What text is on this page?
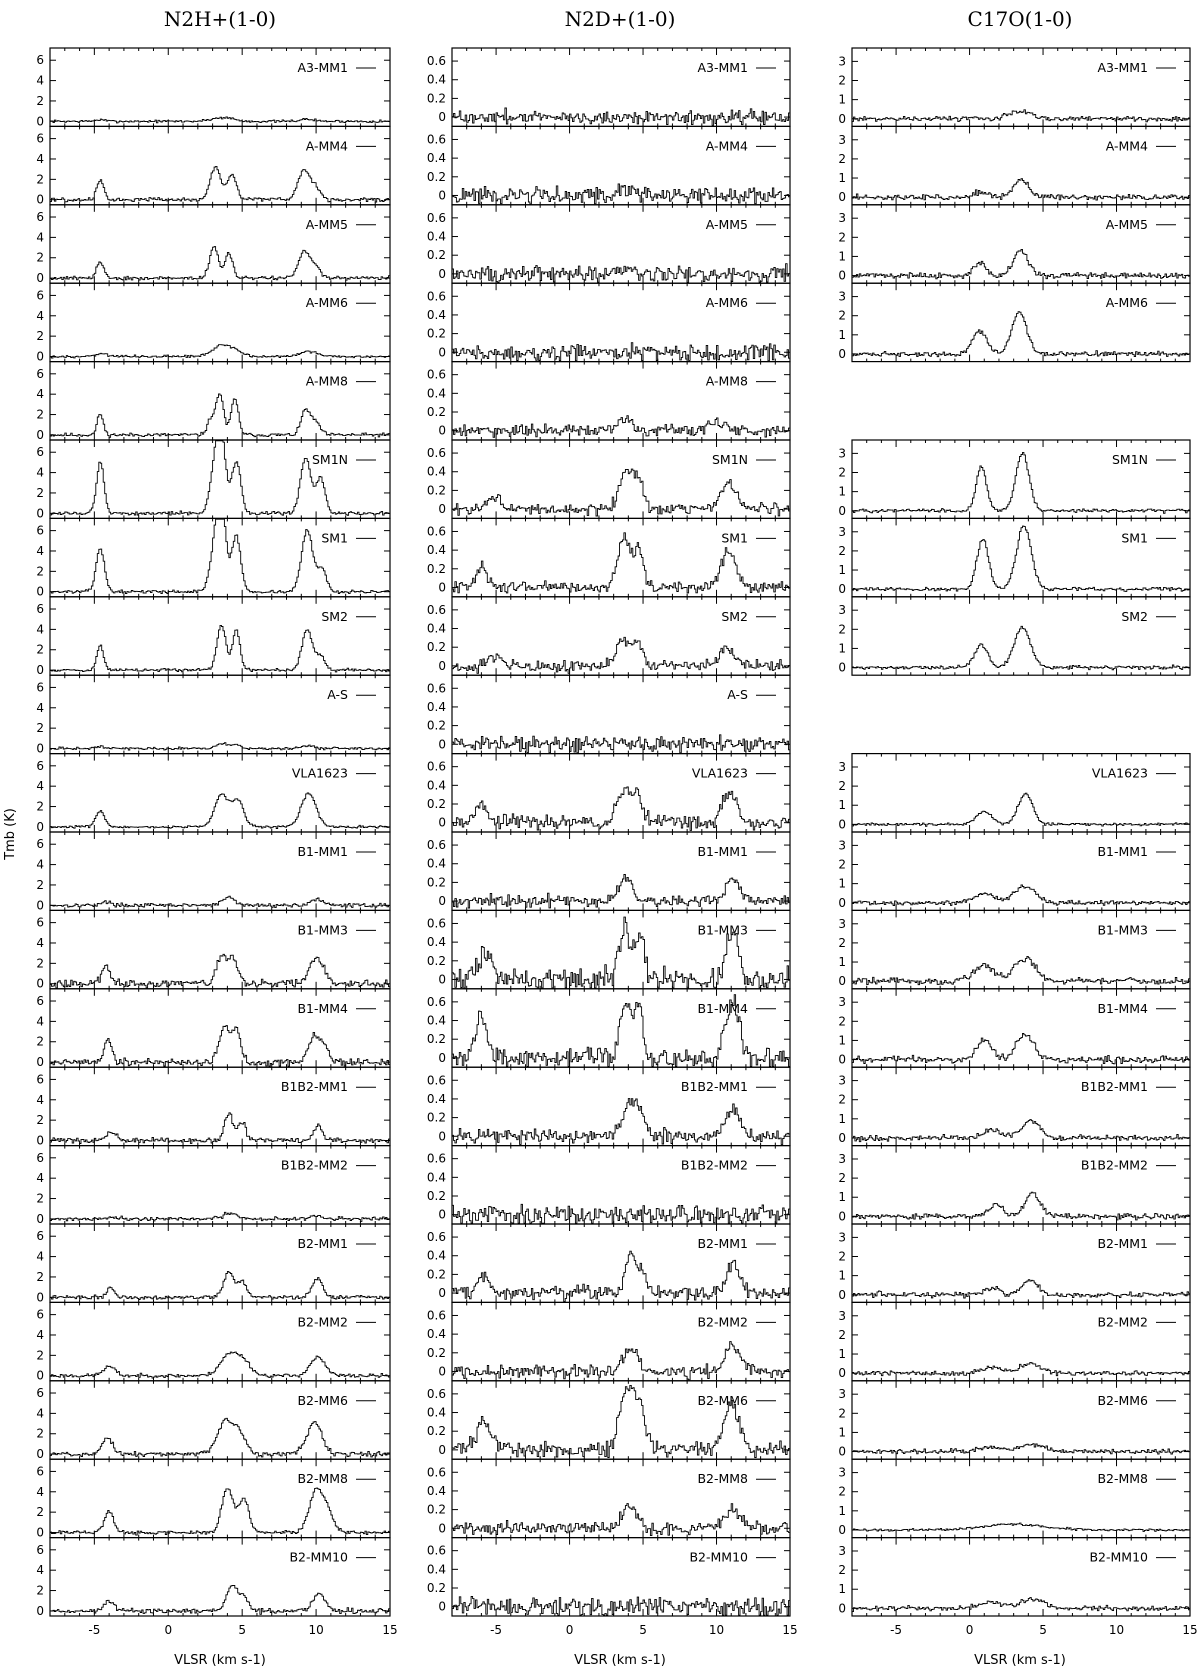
N2H+(1-0)	N2D+(1-0)	C17O(1-0)
Tmb (K)
VLSR (km s-1)	VLSR (km s-1)	VLSR (km s-1)
0
2
4
6	A3-MM1
0
2
4
6	A-MM4
0
2
4
6	A-MM5
0
2
4
6	A-MM6
0
2
4
6	A-MM8
0
2
4
6	SM1N
0
2
4
6	SM1
0
2
4
6	SM2
0
2
4
6	A-S
0
2
4
6	VLA1623
0
2
4
6	B1-MM1
0
2
4
6	B1-MM3
0
2
4
6	B1-MM4
0
2
4
6	B1B2-MM1
0
2
4
6	B1B2-MM2
0
2
4
6	B2-MM1
0
2
4
6	B2-MM2
0
2
4
6	B2-MM6
0
2
4
6	B2-MM8
0
2
4
6	B2-MM10
-5	0	5	10	15
0
0.2
0.4
0.6	A3-MM1
0
0.2
0.4
0.6	A-MM4
0
0.2
0.4
0.6	A-MM5
0
0.2
0.4
0.6	A-MM6
0
0.2
0.4
0.6	A-MM8
0
0.2
0.4
0.6	SM1N
0
0.2
0.4
0.6	SM1
0
0.2
0.4
0.6	SM2
0
0.2
0.4
0.6	A-S
0
0.2
0.4
0.6	VLA1623
0
0.2
0.4
0.6	B1-MM1
0
0.2
0.4
0.6	B1-MM3
0
0.2
0.4
0.6	B1-MM4
0
0.2
0.4
0.6	B1B2-MM1
0
0.2
0.4
0.6	B1B2-MM2
0
0.2
0.4
0.6	B2-MM1
0
0.2
0.4
0.6	B2-MM2
0
0.2
0.4
0.6	B2-MM6
0
0.2
0.4
0.6	B2-MM8
0
0.2
0.4
0.6	B2-MM10
-5	0	5	10	15
0
1
2
3	A3-MM1
0
1
2
3	A-MM4
0
1
2
3	A-MM5
0
1
2
3	A-MM6
0
1
2
3	SM1N
0
1
2
3	SM1
0
1
2
3	SM2
0
1
2
3	VLA1623
0
1
2
3	B1-MM1
0
1
2
3	B1-MM3
0
1
2
3	B1-MM4
0
1
2
3	B1B2-MM1
0
1
2
3	B1B2-MM2
0
1
2
3	B2-MM1
0
1
2
3	B2-MM2
0
1
2
3	B2-MM6
0
1
2
3	B2-MM8
0
1
2
3	B2-MM10
-5	0	5	10	15
